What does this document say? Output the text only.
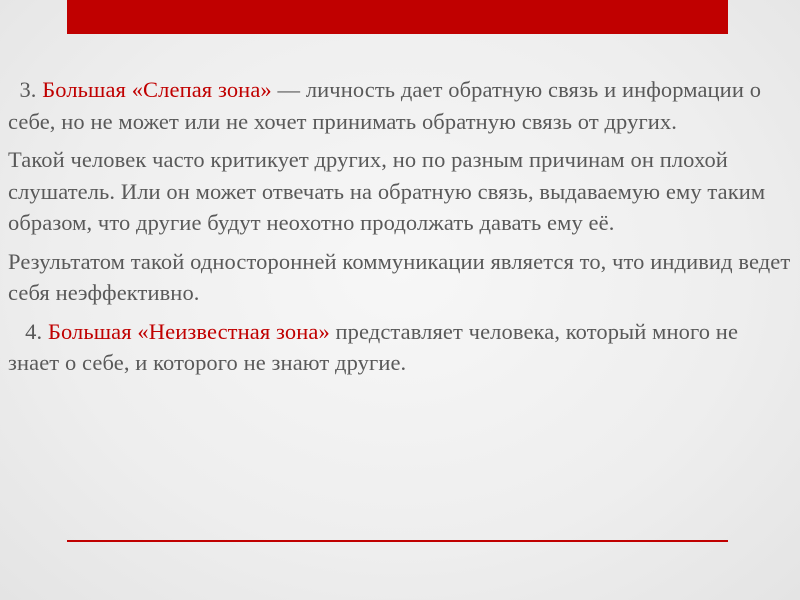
3. Большая «Слепая зона» — личность дает обратную связь и информации о себе, но не может или не хочет принимать обратную связь от других.

Такой человек часто критикует других, но по разным причинам он плохой слушатель. Или он может отвечать на обратную связь, выдаваемую ему таким образом, что другие будут неохотно продолжать давать ему её.

Результатом такой односторонней коммуникации является то, что индивид ведет себя неэффективно.

4. Большая «Неизвестная зона» представляет человека, который много не знает о себе, и которого не знают другие.
